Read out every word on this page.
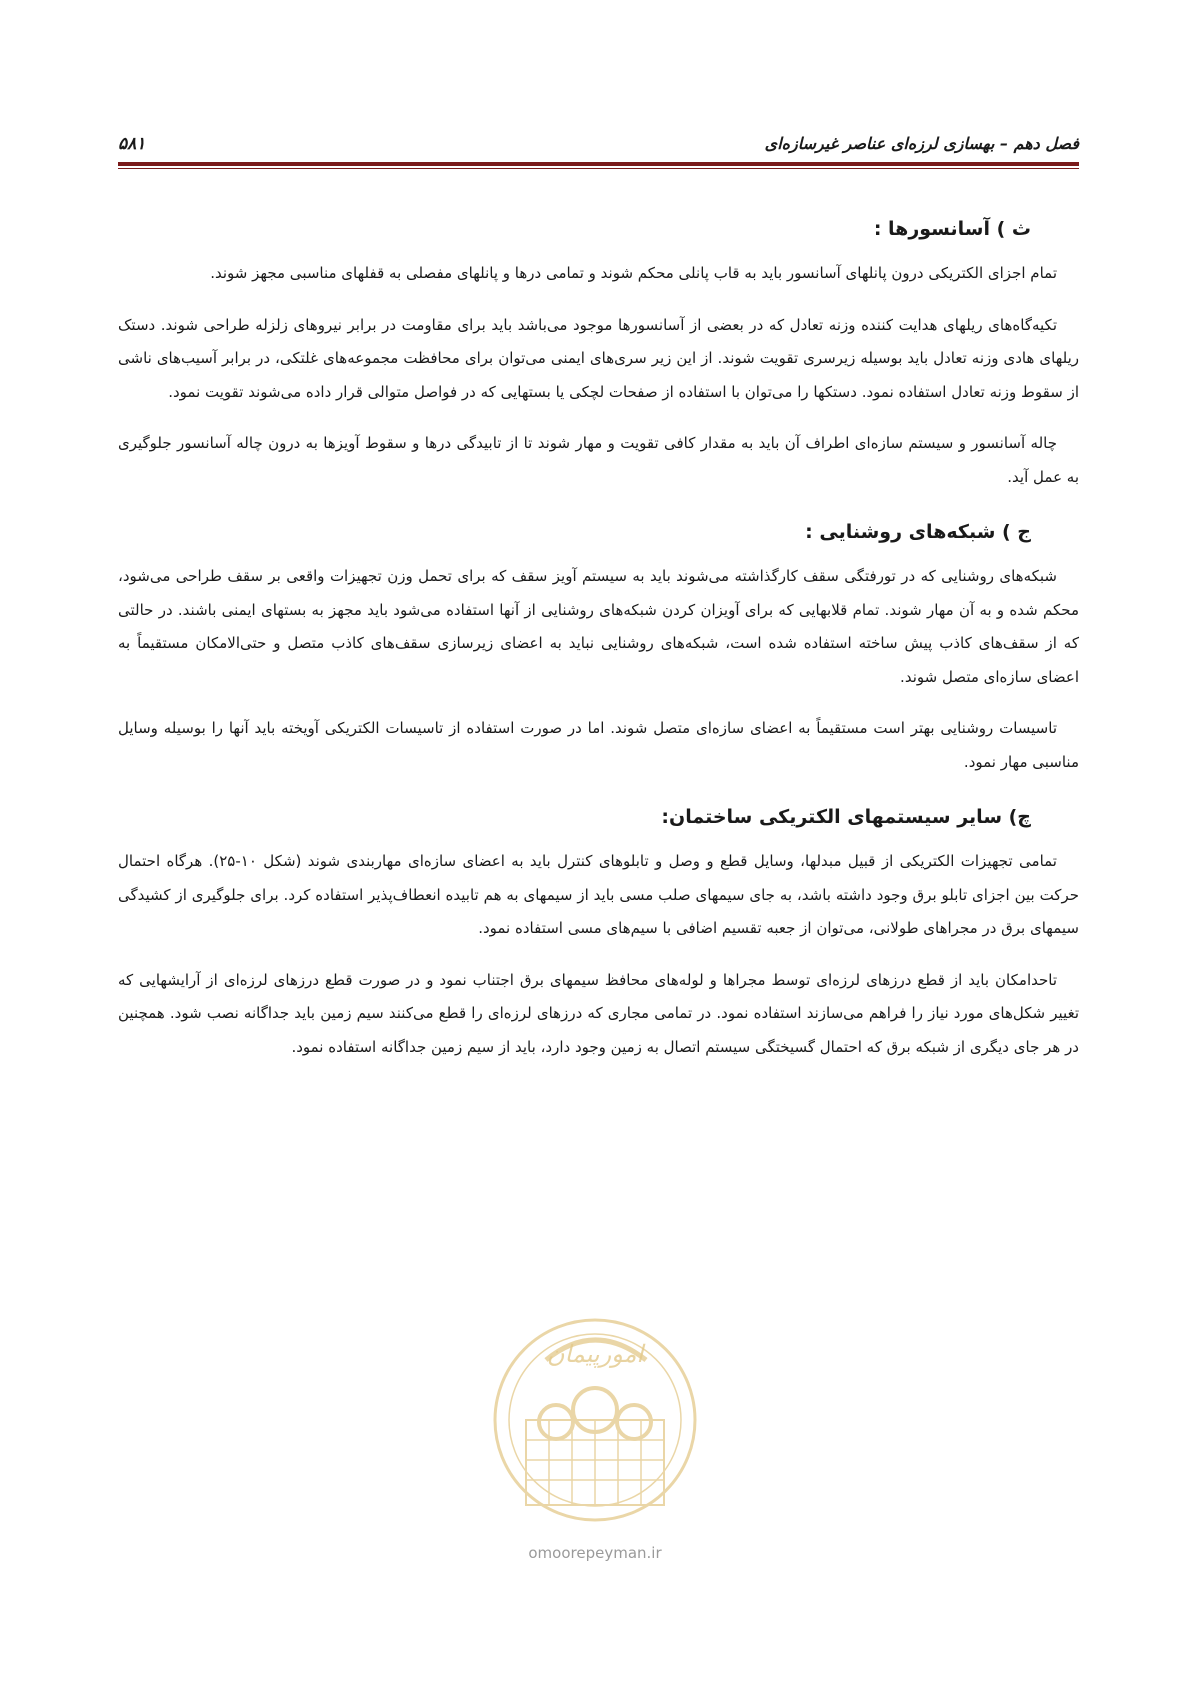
فصل دهم – بهسازی لرزه‌ای عناصر غیرسازه‌ای
۵۸۱
ث ) آسانسورها :

تمام اجزای الکتریکی درون پانلهای آسانسور باید به قاب پانلی محکم شوند و تمامی درها و پانلهای مفصلی به قفلهای مناسبی مجهز شوند.

تکیه‌گاه‌های ریلهای هدایت کننده وزنه تعادل که در بعضی از آسانسورها موجود می‌باشد باید برای مقاومت در برابر نیروهای زلزله طراحی شوند. دستک ریلهای هادی وزنه تعادل باید بوسیله زیرسری تقویت شوند. از این زیر سری‌های ایمنی می‌توان برای محافظت مجموعه‌های غلتکی، در برابر آسیب‌های ناشی از سقوط وزنه تعادل استفاده نمود. دستکها را می‌توان با استفاده از صفحات لچکی یا بستهایی که در فواصل متوالی قرار داده می‌شوند تقویت نمود.

چاله آسانسور و سیستم سازه‌ای اطراف آن باید به مقدار کافی تقویت و مهار شوند تا از تابیدگی درها و سقوط آویزها به درون چاله آسانسور جلوگیری به عمل آید.

ج ) شبکه‌های روشنایی :

شبکه‌های روشنایی که در تورفتگی سقف کارگذاشته می‌شوند باید به سیستم آویز سقف که برای تحمل وزن تجهیزات واقعی بر سقف طراحی می‌شود، محکم شده و به آن مهار شوند. تمام قلابهایی که برای آویزان کردن شبکه‌های روشنایی از آنها استفاده می‌شود باید مجهز به بستهای ایمنی باشند. در حالتی که از سقف‌های کاذب پیش ساخته استفاده شده است، شبکه‌های روشنایی نباید به اعضای زیرسازی سقف‌های کاذب متصل و حتی‌الامکان مستقیماً به اعضای سازه‌ای متصل شوند.

تاسیسات روشنایی بهتر است مستقیماً به اعضای سازه‌ای متصل شوند. اما در صورت استفاده از تاسیسات الکتریکی آویخته باید آنها را بوسیله وسایل مناسبی مهار نمود.

چ) سایر سیستمهای الکتریکی ساختمان:

تمامی تجهیزات الکتریکی از قبیل مبدلها، وسایل قطع و وصل و تابلوهای کنترل باید به اعضای سازه‌ای مهاربندی شوند (شکل ۱۰-۲۵). هرگاه احتمال حرکت بین اجزای تابلو برق وجود داشته باشد، به جای سیمهای صلب مسی باید از سیمهای به هم تابیده انعطاف‌پذیر استفاده کرد. برای جلوگیری از کشیدگی سیمهای برق در مجراهای طولانی، می‌توان از جعبه تقسیم اضافی با سیم‌های مسی استفاده نمود.

تاحدامکان باید از قطع درزهای لرزه‌ای توسط مجراها و لوله‌های محافظ سیمهای برق اجتناب نمود و در صورت قطع درزهای لرزه‌ای از آرایشهایی که تغییر شکل‌های مورد نیاز را فراهم می‌سازند استفاده نمود. در تمامی مجاری که درزهای لرزه‌ای را قطع می‌کنند سیم زمین باید جداگانه نصب شود. همچنین در هر جای دیگری از شبکه برق که احتمال گسیختگی سیستم اتصال به زمین وجود دارد، باید از سیم زمین جداگانه استفاده نمود.

امورپیمان
omoorepeyman.ir
